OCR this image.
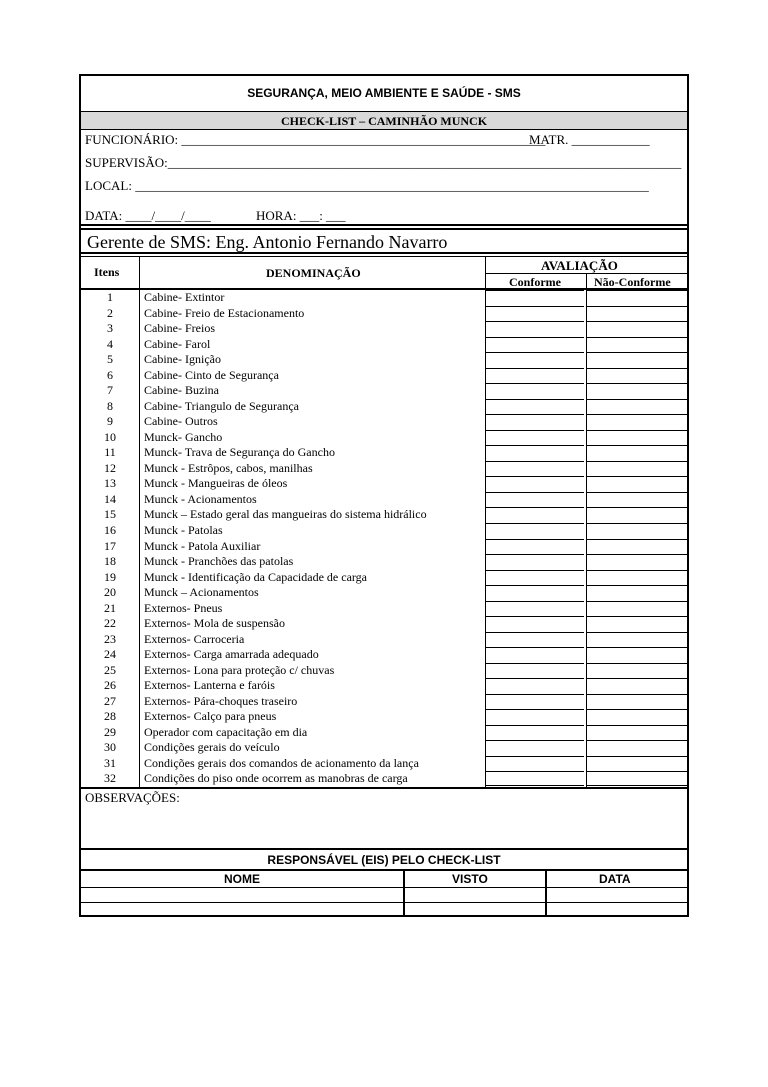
SEGURANÇA, MEIO AMBIENTE E SAÚDE - SMS
CHECK-LIST – CAMINHÃO MUNCK
FUNCIONÁRIO: ________________________________________________________
MATR. ____________
SUPERVISÃO:_______________________________________________________________________________
LOCAL: _______________________________________________________________________________
DATA: ____/____/____	HORA: ___: ___
Gerente de SMS: Eng. Antonio Fernando Navarro
Itens	DENOMINAÇÃO	AVALIAÇÃO
Conforme	Não-Conforme
1	Cabine- Extintor
2	Cabine- Freio de Estacionamento
3	Cabine- Freios
4	Cabine- Farol
5	Cabine- Ignição
6	Cabine- Cinto de Segurança
7	Cabine- Buzina
8	Cabine- Triangulo de Segurança
9	Cabine- Outros
10	Munck- Gancho
11	Munck- Trava de Segurança do Gancho
12	Munck - Estrôpos, cabos, manilhas
13	Munck - Mangueiras de óleos
14	Munck - Acionamentos
15	Munck – Estado geral das mangueiras do sistema hidrálico
16	Munck - Patolas
17	Munck - Patola Auxiliar
18	Munck - Pranchões das patolas
19	Munck - Identificação da Capacidade de carga
20	Munck – Acionamentos
21	Externos- Pneus
22	Externos- Mola de suspensão
23	Externos- Carroceria
24	Externos- Carga amarrada adequado
25	Externos- Lona para proteção c/ chuvas
26	Externos- Lanterna e faróis
27	Externos- Pára-choques traseiro
28	Externos- Calço para pneus
29	Operador com capacitação em dia
30	Condições gerais do veículo
31	Condições gerais dos comandos de acionamento da lança
32	Condições do piso onde ocorrem as manobras de carga
OBSERVAÇÕES:
RESPONSÁVEL (EIS) PELO CHECK-LIST
NOME	VISTO	DATA
